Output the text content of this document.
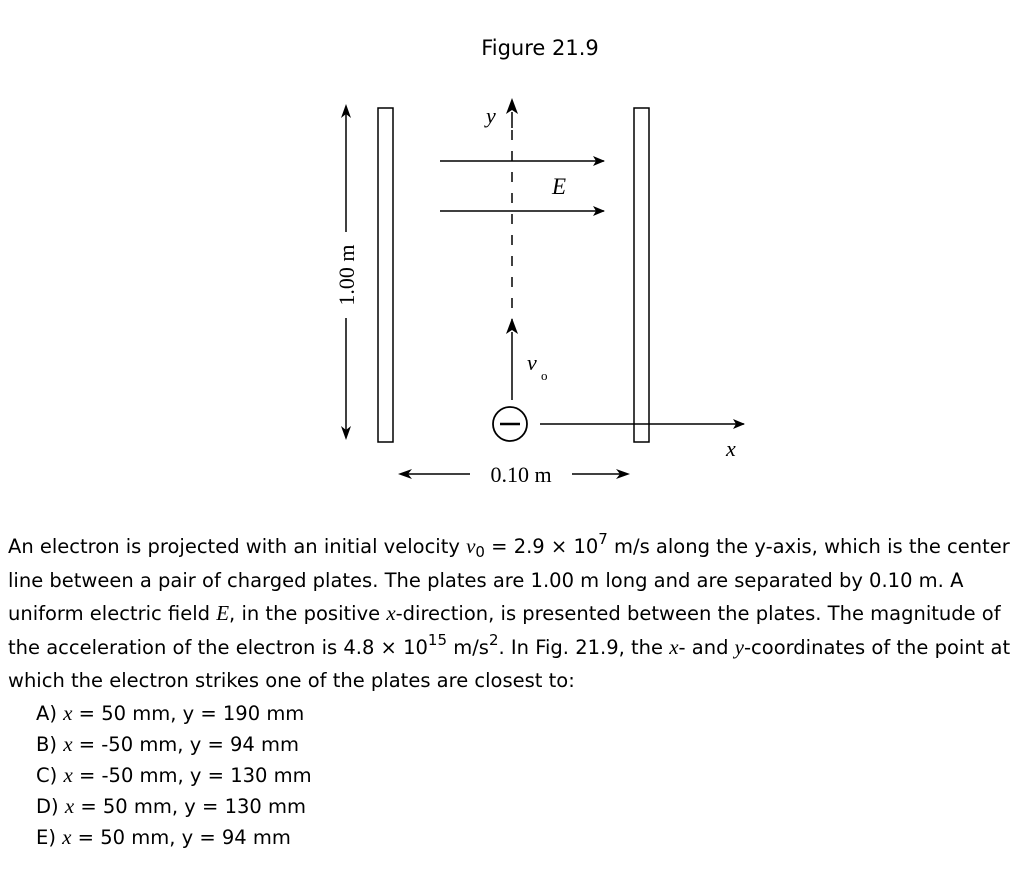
Figure 21.9
1.00 m
y
E
v
o
x
0.10 m

An electron is projected with an initial velocity $v_0 = 2.9 \times 10^7$ m/s along the y-axis, which is the center line between a pair of charged plates. The plates are 1.00 m long and are separated by 0.10 m. A uniform electric field E, in the positive x-direction, is presented between the plates. The magnitude of the acceleration of the electron is $4.8 \times 10^{15}$ $m/s^2$. In Fig. 21.9, the x- and y-coordinates of the point at which the electron strikes one of the plates are closest to:

A) x = 50 mm, y = 190 mm
B) x = -50 mm, y = 94 mm
C) x = -50 mm, y = 130 mm
D) x = 50 mm, y = 130 mm
E) x = 50 mm, y = 94 mm
